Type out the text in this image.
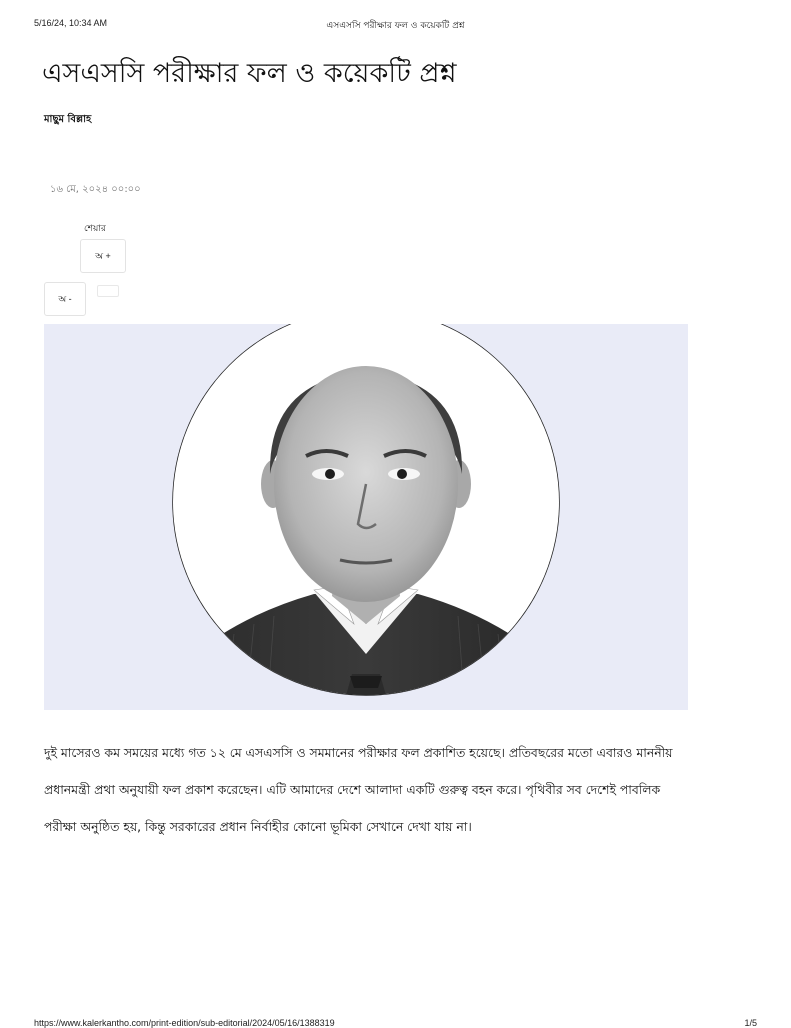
5/16/24, 10:34 AM	এসএসসি পরীক্ষার ফল ও কয়েকটি প্রশ্ন
এসএসসি পরীক্ষার ফল ও কয়েকটি প্রশ্ন
মাছুম বিল্লাহ
১৬ মে, ২০২৪ ০০:০০
শেয়ার
অ +
অ -

দুই মাসেরও কম সময়ের মধ্যে গত ১২ মে এসএসসি ও সমমানের পরীক্ষার ফল প্রকাশিত হয়েছে। প্রতিবছরের মতো এবারও মাননীয় প্রধানমন্ত্রী প্রথা অনুযায়ী ফল প্রকাশ করেছেন। এটি আমাদের দেশে আলাদা একটি গুরুত্ব বহন করে। পৃথিবীর সব দেশেই পাবলিক পরীক্ষা অনুষ্ঠিত হয়, কিন্তু সরকারের প্রধান নির্বাহীর কোনো ভূমিকা সেখানে দেখা যায় না।

https://www.kalerkantho.com/print-edition/sub-editorial/2024/05/16/1388319	1/5
